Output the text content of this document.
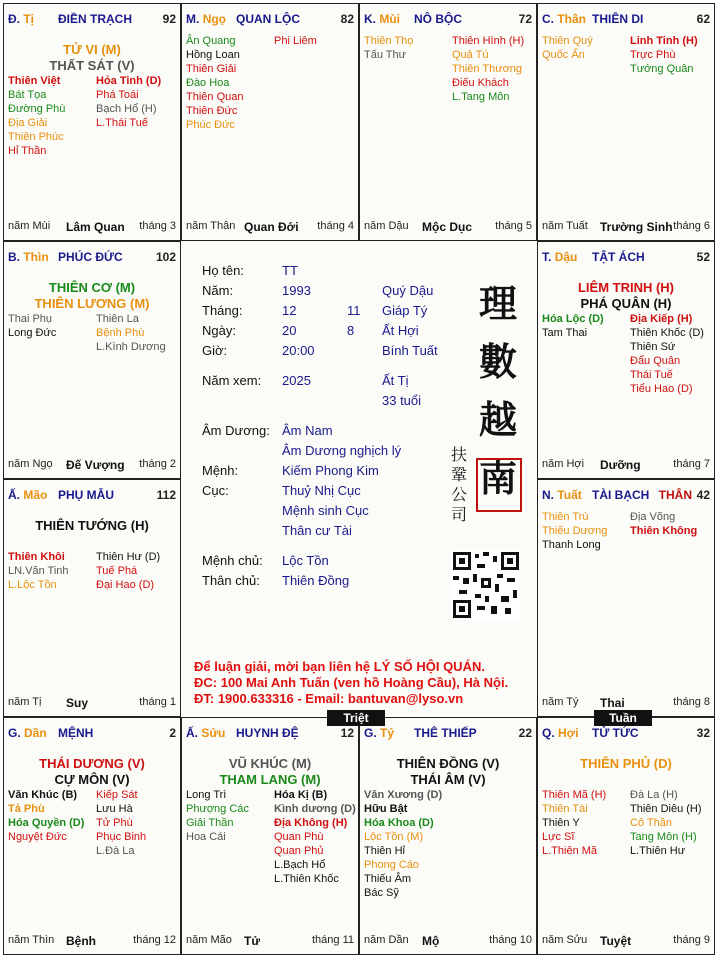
Đ. Tị ĐIỀN TRẠCH	92
TỬ VI (M)
THẤT SÁT (V)
Thiên Việt
Bát Tọa
Đường Phù
Địa Giải
Thiên Phúc
Hỉ Thần
Hỏa Tinh (D)
Phá Toái
Bạch Hổ (H)
L.Thái Tuế
năm Mùi Lâm Quan tháng 3
M. Ngọ QUAN LỘC	82
Ân Quang
Hồng Loan
Thiên Giải
Đào Hoa
Thiên Quan
Thiên Đức
Phúc Đức
Phi Liêm
năm Thân Quan Đới tháng 4
K. Mùi NÔ BỘC	72
Thiên Thọ
Tấu Thư
Thiên Hình (H)
Quả Tú
Thiên Thương
Điếu Khách
L.Tang Môn
năm Dậu Mộc Dục tháng 5
C. Thân THIÊN DI	62
Thiên Quý
Quốc Ấn
Linh Tinh (H)
Trực Phù
Tướng Quân
năm Tuất Trường Sinh tháng 6
B. Thìn PHÚC ĐỨC	102
THIÊN CƠ (M)
THIÊN LƯƠNG (M)
Thai Phụ
Long Đức
Thiên La
Bệnh Phù
L.Kình Dương
năm Ngọ Đế Vượng tháng 2
T. Dậu TẬT ÁCH	52
LIÊM TRINH (H)
PHÁ QUÂN (H)
Hóa Lộc (D)
Tam Thai
Địa Kiếp (H)
Thiên Khốc (D)
Thiên Sứ
Đẩu Quân
Thái Tuế
Tiểu Hao (D)
năm Hợi Dưỡng	tháng 7
Ấ. Mão PHỤ MẪU	112
THIÊN TƯỚNG (H)
Thiên Khôi
LN.Văn Tinh
L.Lộc Tồn
Thiên Hư (D)
Tuế Phá
Đại Hao (D)
năm Tị Suy	tháng 1
N. Tuất TÀI BẠCH THÂN 42
Thiên Trù
Thiếu Dương
Thanh Long
Địa Võng
Thiên Không
năm Tý Thai	tháng 8
G. Dần MỆNH	2
THÁI DƯƠNG (V)
CỰ MÔN (V)
Văn Khúc (B)
Tả Phù
Hóa Quyền (D)
Nguyệt Đức
Kiếp Sát
Lưu Hà
Tử Phù
Phục Binh
L.Đà La
năm Thìn Bệnh	tháng 12
Ấ. Sửu HUYNH ĐỆ	12
VŨ KHÚC (M)
THAM LANG (M)
Long Trì
Phượng Các
Giải Thần
Hoa Cái
Hóa Kị (B)
Kình dương (D)
Địa Không (H)
Quan Phù
Quan Phủ
L.Bạch Hổ
L.Thiên Khốc
năm Mão Tử	tháng 11
G. Tý THÊ THIẾP	22
THIÊN ĐỒNG (V)
THÁI ÂM (V)
Văn Xương (D)
Hữu Bật
Hóa Khoa (D)
Lộc Tồn (M)
Thiên Hỉ
Phong Cáo
Thiếu Âm
Bác Sỹ
năm Dần Mộ	tháng 10
Q. Hợi TỬ TỨC	32
THIÊN PHỦ (D)
Thiên Mã (H)
Thiên Tài
Thiên Y
Lực Sĩ
L.Thiên Mã
Đà La (H)
Thiên Diêu (H)
Cô Thần
Tang Môn (H)
L.Thiên Hư
năm Sửu Tuyệt	tháng 9
Họ tên:	TT
Năm:	1993	Quý Dậu
Tháng:	12	11 Giáp Tý
Ngày:	20	8 Ất Hợi
Giờ:	20:00	Bính Tuất
Năm xem: 2025	Ất Tị
33 tuổi
Âm Dương: Âm Nam
Âm Dương nghịch lý
Mệnh:	Kiếm Phong Kim
Cục:	Thuỷ Nhị Cục
Mệnh sinh Cục
Thân cư Tài
Mệnh chủ: Lộc Tồn
Thân chủ: Thiên Đồng
理
數
越
南
扶
鞏
公
司
Để luận giải, mời bạn liên hệ LÝ SỐ HỘI QUÁN.
ĐC: 100 Mai Anh Tuấn (ven hồ Hoàng Cầu), Hà Nội.
ĐT: 1900.633316 - Email: bantuvan@lyso.vn
Triệt	Tuần
